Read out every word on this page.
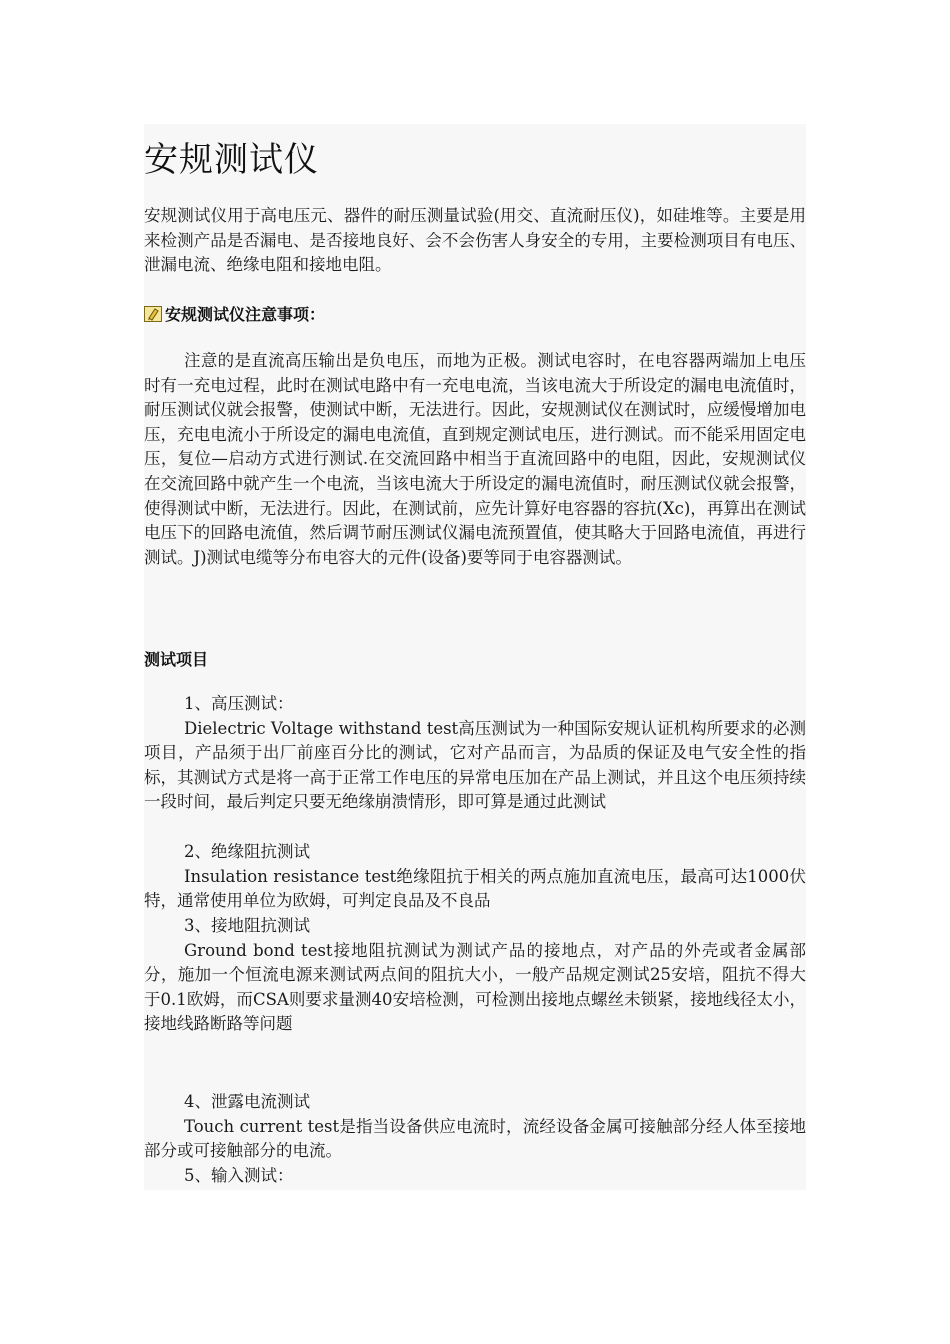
安规测试仪

安规测试仪用于高电压元、器件的耐压测量试验(用交、直流耐压仪)，如硅堆等。主要是用来检测产品是否漏电、是否接地良好、会不会伤害人身安全的专用，主要检测项目有电压、泄漏电流、绝缘电阻和接地电阻。

安规测试仪注意事项：

注意的是直流高压输出是负电压，而地为正极。测试电容时，在电容器两端加上电压时有一充电过程，此时在测试电路中有一充电电流，当该电流大于所设定的漏电电流值时，耐压测试仪就会报警，使测试中断，无法进行。因此，安规测试仪在测试时，应缓慢增加电压，充电电流小于所设定的漏电电流值，直到规定测试电压，进行测试。而不能采用固定电压，复位—启动方式进行测试.在交流回路中相当于直流回路中的电阻，因此，安规测试仪在交流回路中就产生一个电流，当该电流大于所设定的漏电流值时，耐压测试仪就会报警，使得测试中断，无法进行。因此，在测试前，应先计算好电容器的容抗(Xc)，再算出在测试电压下的回路电流值，然后调节耐压测试仪漏电流预置值，使其略大于回路电流值，再进行测试。J)测试电缆等分布电容大的元件(设备)要等同于电容器测试。

测试项目
1、高压测试：
Dielectric Voltage withstand test高压测试为一种国际安规认证机构所要求的必测项目，产品须于出厂前座百分比的测试，它对产品而言，为品质的保证及电气安全性的指标，其测试方式是将一高于正常工作电压的异常电压加在产品上测试，并且这个电压须持续一段时间，最后判定只要无绝缘崩溃情形，即可算是通过此测试
2、绝缘阻抗测试
Insulation resistance test绝缘阻抗于相关的两点施加直流电压，最高可达1000伏特，通常使用单位为欧姆，可判定良品及不良品
3、接地阻抗测试
Ground bond test接地阻抗测试为测试产品的接地点，对产品的外壳或者金属部分，施加一个恒流电源来测试两点间的阻抗大小，一般产品规定测试25安培，阻抗不得大于0.1欧姆，而CSA则要求量测40安培检测，可检测出接地点螺丝未锁紧，接地线径太小，接地线路断路等问题
4、泄露电流测试
Touch current test是指当设备供应电流时，流经设备金属可接触部分经人体至接地部分或可接触部分的电流。
5、输入测试：
